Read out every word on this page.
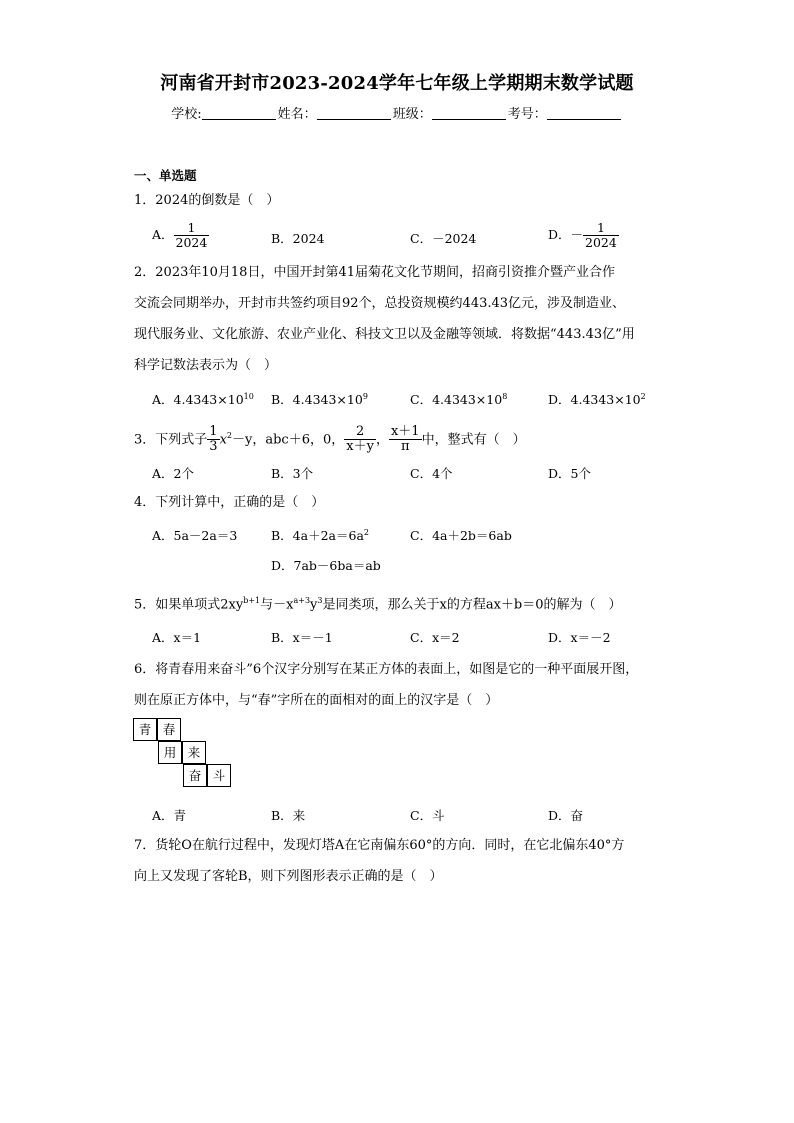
河南省开封市2023-2024学年七年级上学期期末数学试题
学校:	姓名：	班级：	考号：
一、单选题
1．2024的倒数是（　）
A． $\frac{1}{2024}$	B．2024	C．－2024	D．－ $\frac{1}{2024}$
2．2023年10月18日，中国开封第41届菊花文化节期间，招商引资推介暨产业合作
交流会同期举办，开封市共签约项目92个，总投资规模约443.43亿元，涉及制造业、
现代服务业、文化旅游、农业产业化、科技文卫以及金融等领域．将数据“443.43亿”用
科学记数法表示为（　）
A．$4.4343\times 10^{10}$ B．$4.4343\times 10^9$	C．$4.4343\times 10^8$	D．$4.4343\times 10^2$
3．下列式子 $\frac{1}{3} x^2-y$，abc＋6，0， $\frac{2}{x+y}$ ， $\frac{x+1}{\pi}$ 中，整式有（　）
A．2个	B．3个	C．4个	D．5个
4．下列计算中，正确的是（　）
A．5a－2a＝3	B．$4a+2a=6a^2$	C．4a＋2b＝6ab
D．7ab－6ba＝ab
5．如果单项式$2xy^{b+1}$与$-x^{a+3}y^3$是同类项，那么关于x的方程ax＋b＝0的解为（　）
A．x＝1	B．x＝－1	C．x＝2	D．x＝－2
6．将青春用来奋斗”6个汉字分别写在某正方体的表面上，如图是它的一种平面展开图，
则在原正方体中，与“春”字所在的面相对的面上的汉字是（　）
青 春
用 来
奋 斗
A．青	B．来	C．斗	D．奋
7．货轮O在航行过程中，发现灯塔A在它南偏东60°的方向．同时，在它北偏东40°方
向上又发现了客轮B，则下列图形表示正确的是（　）
